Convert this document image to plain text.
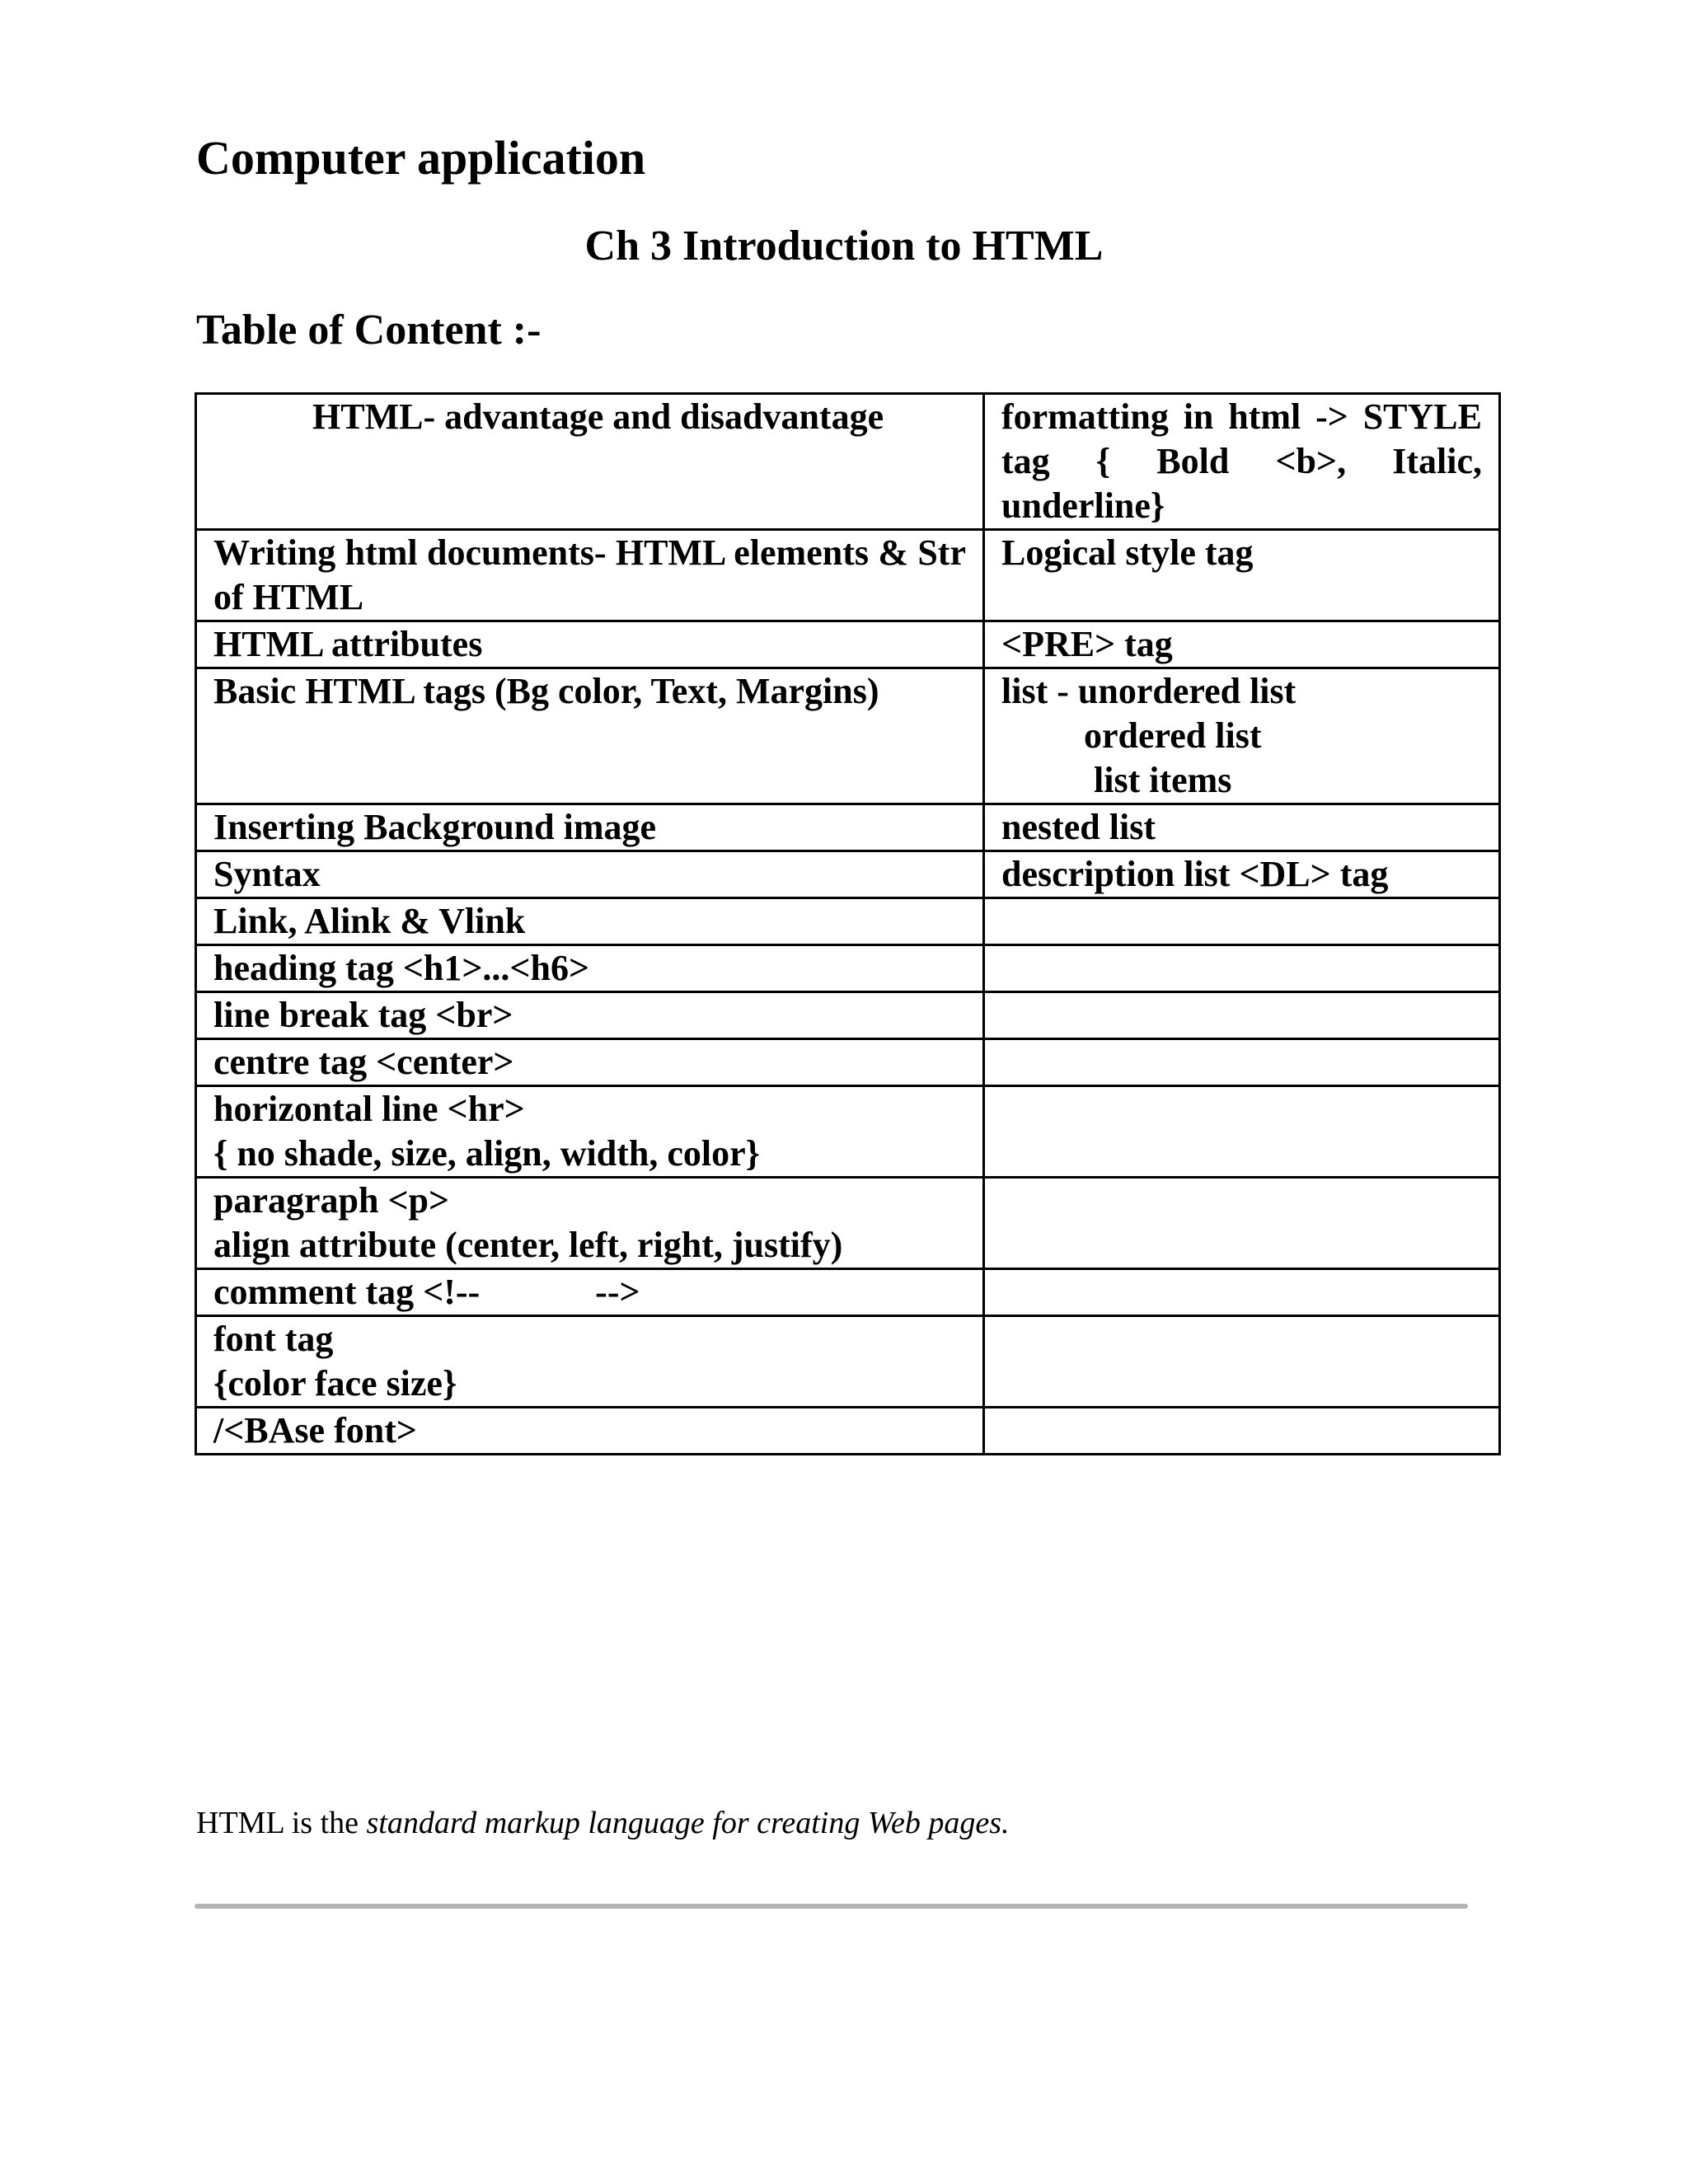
Computer application
Ch 3 Introduction to HTML
Table of Content :-
HTML- advantage and disadvantage	formatting in html -> STYLE tag { Bold <b>, Italic, underline}
Writing html documents- HTML elements & Str of HTML	Logical style tag
HTML attributes	<PRE> tag
Basic HTML tags (Bg color, Text, Margins)	list - unordered list
ordered list
list items

Inserting Background image	nested list
Syntax	description list <DL> tag
Link, Alink & Vlink	
heading tag <h1>...<h6>	
line break tag <br>	
centre tag <center>	

horizontal line <hr>
{ no shade, size, align, width, color}	

paragraph <p>
align attribute (center, left, right, justify)	

comment tag <!-- -->	

font tag
{color face size}	

/<BAse font>	
HTML is the standard markup language for creating Web pages.
